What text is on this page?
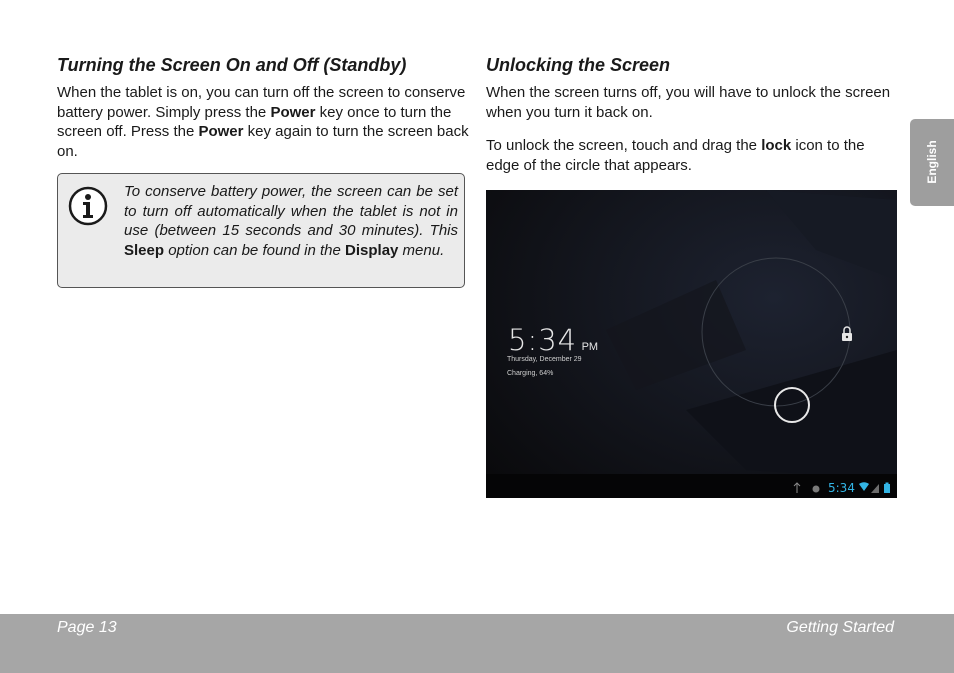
Turning the Screen On and Off (Standby)

When the tablet is on, you can turn off the screen to conserve battery power. Simply press the Power key once to turn the screen off. Press the Power key again to turn the screen back on.

To conserve battery power, the screen can be set to turn off automatically when the tablet is not in use (between 15 seconds and 30 minutes). This Sleep option can be found in the Display menu.

Unlocking the Screen

When the screen turns off, you will have to unlock the screen when you turn it back on.

To unlock the screen, touch and drag the lock icon to the edge of the circle that appears.

5:34 PM
Thursday, December 29
Charging, 64%
5:34
English
Page 13	Getting Started
